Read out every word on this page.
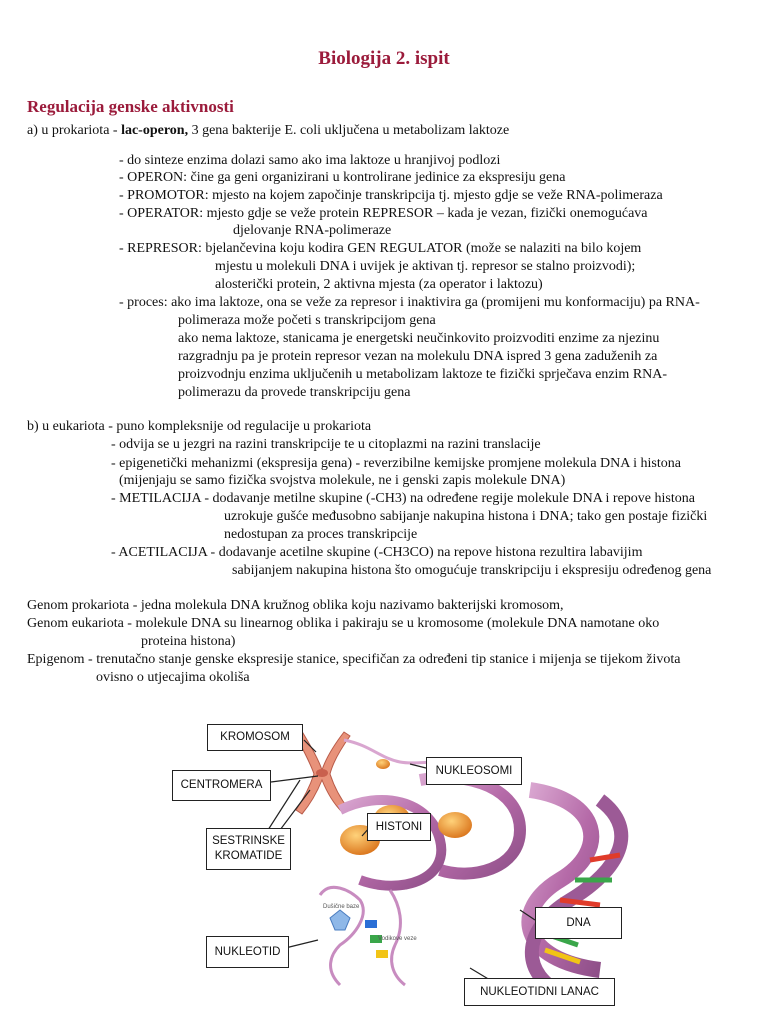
Biologija 2. ispit
Regulacija genske aktivnosti
a) u prokariota - lac-operon, 3 gena bakterije E. coli uključena u metabolizam laktoze
- do sinteze enzima dolazi samo ako ima laktoze u hranjivoj podlozi
- OPERON: čine ga geni organizirani u kontrolirane jedinice za ekspresiju gena
- PROMOTOR: mjesto na kojem započinje transkripcija tj. mjesto gdje se veže RNA-polimeraza
- OPERATOR: mjesto gdje se veže protein REPRESOR – kada je vezan, fizički onemogućava
djelovanje RNA-polimeraze
- REPRESOR: bjelančevina koju kodira GEN REGULATOR (može se nalaziti na bilo kojem
mjestu u molekuli DNA i uvijek je aktivan tj. represor se stalno proizvodi);
alosterički protein, 2 aktivna mjesta (za operator i laktozu)
- proces: ako ima laktoze, ona se veže za represor i inaktivira ga (promijeni mu konformaciju) pa RNA-
polimeraza može početi s transkripcijom gena
ako nema laktoze, stanicama je energetski neučinkovito proizvoditi enzime za njezinu
razgradnju pa je protein represor vezan na molekulu DNA ispred 3 gena zaduženih za
proizvodnju enzima uključenih u metabolizam laktoze te fizički sprječava enzim RNA-
polimerazu da provede transkripciju gena
b) u eukariota - puno kompleksnije od regulacije u prokariota
- odvija se u jezgri na razini transkripcije te u citoplazmi na razini translacije
- epigenetički mehanizmi (ekspresija gena) - reverzibilne kemijske promjene molekula DNA i histona
(mijenjaju se samo fizička svojstva molekule, ne i genski zapis molekule DNA)
- METILACIJA - dodavanje metilne skupine (-CH3) na određene regije molekule DNA i repove histona
uzrokuje gušće međusobno sabijanje nakupina histona i DNA; tako gen postaje fizički
nedostupan za proces transkripcije
- ACETILACIJA - dodavanje acetilne skupine (-CH3CO) na repove histona rezultira labavijim
sabijanjem nakupina histona što omogućuje transkripciju i ekspresiju određenog gena
Genom prokariota - jedna molekula DNA kružnog oblika koju nazivamo bakterijski kromosom,
Genom eukariota - molekule DNA su linearnog oblika i pakiraju se u kromosome (molekule DNA namotane oko
proteina histona)
Epigenom - trenutačno stanje genske ekspresije stanice, specifičan za određeni tip stanice i mijenja se tijekom života
ovisno o utjecajima okoliša
Dušične baze
Vodikove veze
KROMOSOM
CENTROMERA
SESTRINSKE KROMATIDE
HISTONI
NUKLEOSOMI
DNA
NUKLEOTID
NUKLEOTIDNI LANAC
